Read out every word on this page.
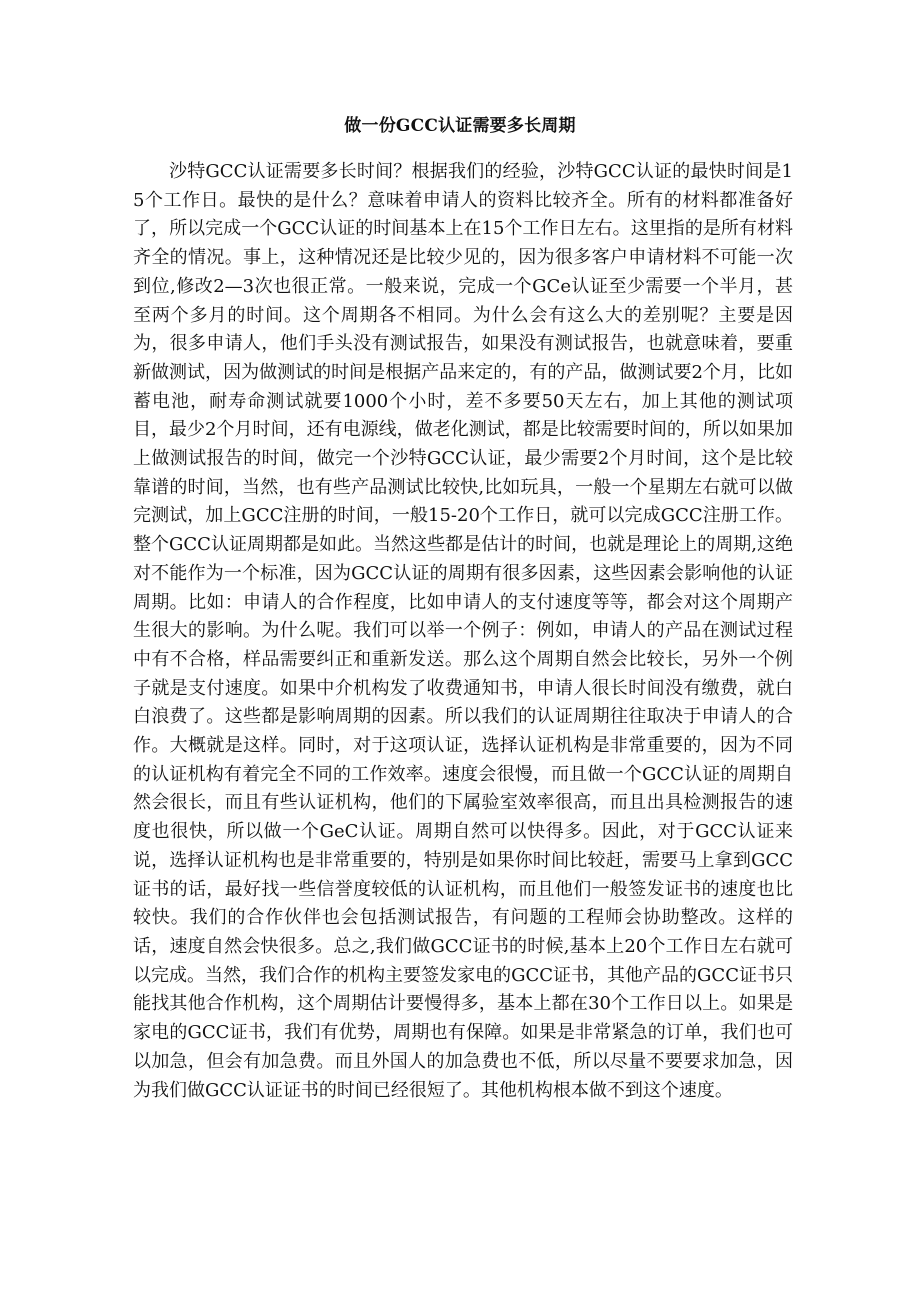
做一份GCC认证需要多长周期

沙特GCC认证需要多长时间？根据我们的经验，沙特GCC认证的最快时间是15个工作日。最快的是什么？意味着申请人的资料比较齐全。所有的材料都准备好了，所以完成一个GCC认证的时间基本上在15个工作日左右。这里指的是所有材料齐全的情况。事上，这种情况还是比较少见的，因为很多客户申请材料不可能一次到位,修改2—3次也很正常。一般来说，完成一个GCe认证至少需要一个半月，甚至两个多月的时间。这个周期各不相同。为什么会有这么大的差别呢？主要是因为，很多申请人，他们手头没有测试报告，如果没有测试报告，也就意味着，要重新做测试，因为做测试的时间是根据产品来定的，有的产品，做测试要2个月，比如蓄电池，耐寿命测试就要1000个小时，差不多要50天左右，加上其他的测试项目，最少2个月时间，还有电源线，做老化测试，都是比较需要时间的，所以如果加上做测试报告的时间，做完一个沙特GCC认证，最少需要2个月时间，这个是比较靠谱的时间，当然，也有些产品测试比较快,比如玩具，一般一个星期左右就可以做完测试，加上GCC注册的时间，一般15-20个工作日，就可以完成GCC注册工作。整个GCC认证周期都是如此。当然这些都是估计的时间，也就是理论上的周期,这绝对不能作为一个标准，因为GCC认证的周期有很多因素，这些因素会影响他的认证周期。比如：申请人的合作程度，比如申请人的支付速度等等，都会对这个周期产生很大的影响。为什么呢。我们可以举一个例子：例如，申请人的产品在测试过程中有不合格，样品需要纠正和重新发送。那么这个周期自然会比较长，另外一个例子就是支付速度。如果中介机构发了收费通知书，申请人很长时间没有缴费，就白白浪费了。这些都是影响周期的因素。所以我们的认证周期往往取决于申请人的合作。大概就是这样。同时，对于这项认证，选择认证机构是非常重要的，因为不同的认证机构有着完全不同的工作效率。速度会很慢，而且做一个GCC认证的周期自然会很长，而且有些认证机构，他们的下属验室效率很高，而且出具检测报告的速度也很快，所以做一个GeC认证。周期自然可以快得多。因此，对于GCC认证来说，选择认证机构也是非常重要的，特别是如果你时间比较赶，需要马上拿到GCC证书的话，最好找一些信誉度较低的认证机构，而且他们一般签发证书的速度也比较快。我们的合作伙伴也会包括测试报告，有问题的工程师会协助整改。这样的话，速度自然会快很多。总之,我们做GCC证书的时候,基本上20个工作日左右就可以完成。当然，我们合作的机构主要签发家电的GCC证书，其他产品的GCC证书只能找其他合作机构，这个周期估计要慢得多，基本上都在30个工作日以上。如果是家电的GCC证书，我们有优势，周期也有保障。如果是非常紧急的订单，我们也可以加急，但会有加急费。而且外国人的加急费也不低，所以尽量不要要求加急，因为我们做GCC认证证书的时间已经很短了。其他机构根本做不到这个速度。
